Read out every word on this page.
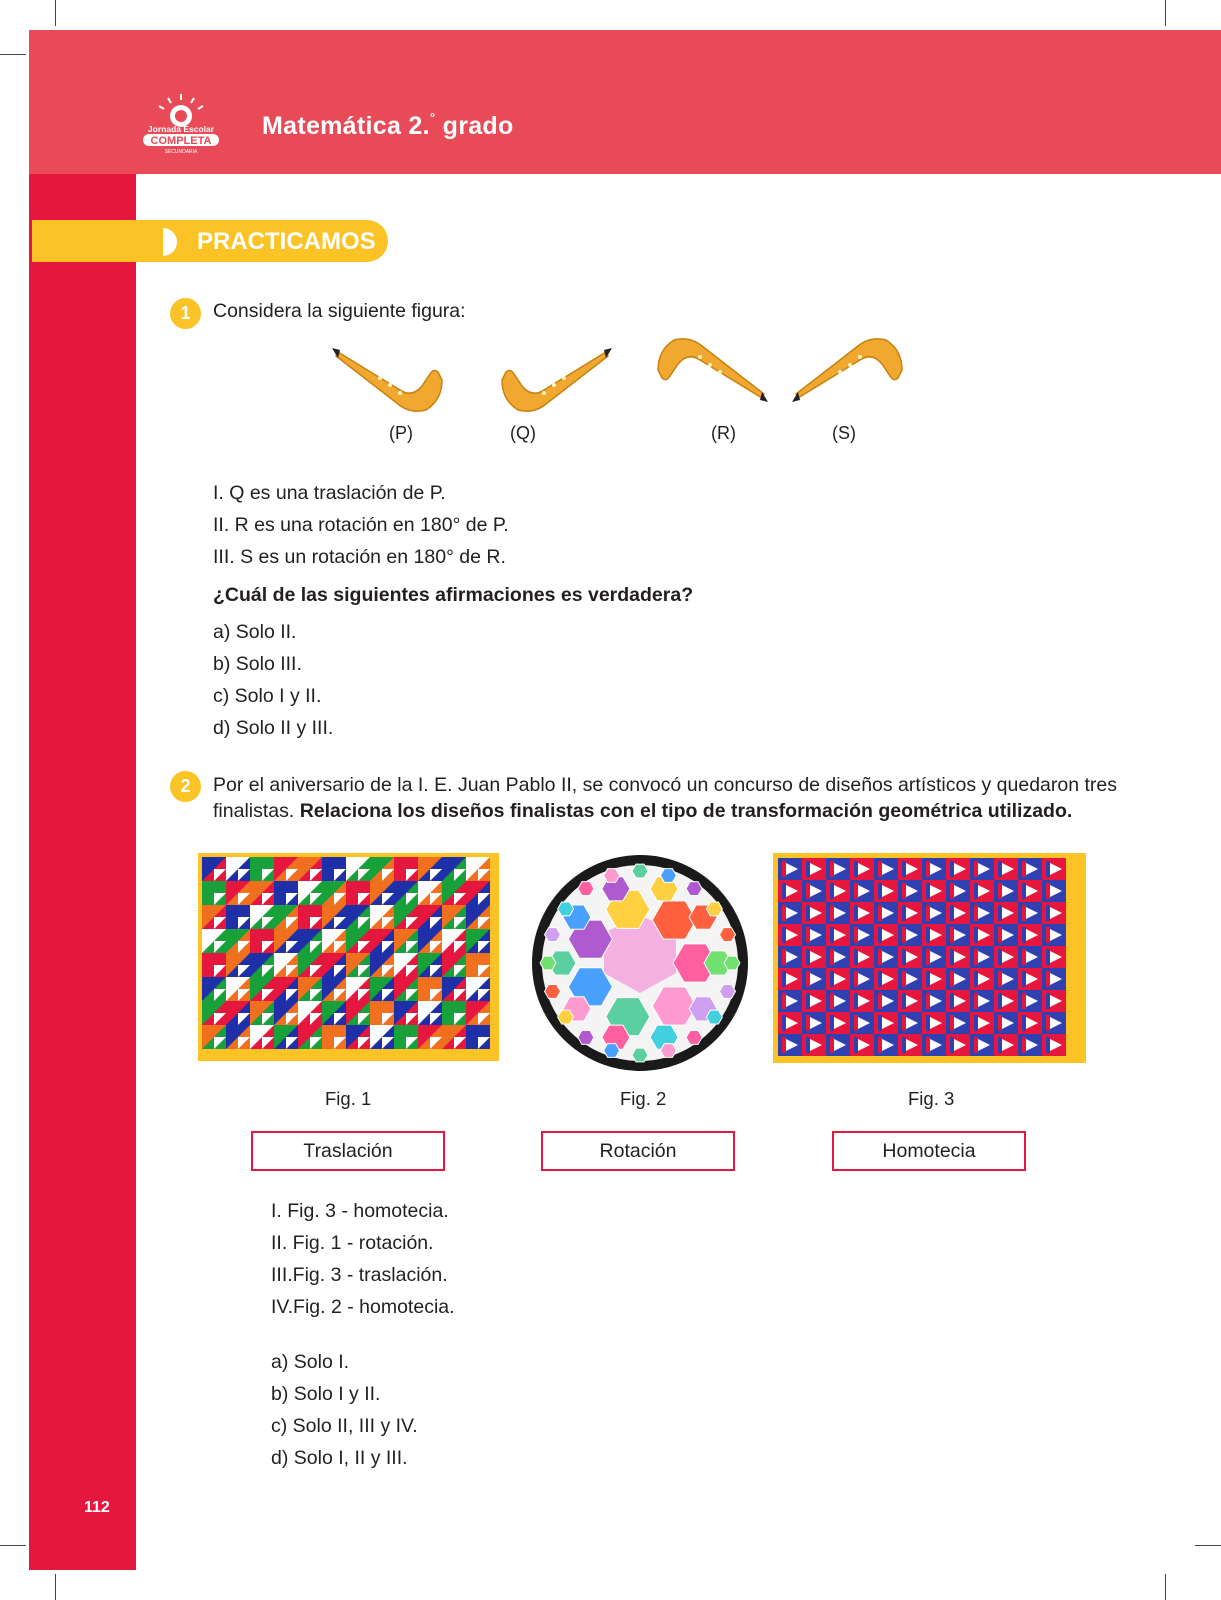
Jornada Escolar
COMPLETA
SECUNDARIA
Matemática 2.° grado
PRACTICAMOS
1	Considera la siguiente figura:
(P)	(Q)	(R)	(S)
I. Q es una traslación de P.
II. R es una rotación en 180° de P.
III. S es un rotación en 180° de R.
¿Cuál de las siguientes afirmaciones es verdadera?
a) Solo II.
b) Solo III.
c) Solo I y II.
d) Solo II y III.
2	Por el aniversario de la I. E. Juan Pablo II, se convocó un concurso de diseños artísticos y quedaron tres
finalistas. Relaciona los diseños finalistas con el tipo de transformación geométrica utilizado.
Fig. 1	Fig. 2	Fig. 3
Traslación	Rotación	Homotecia
I. Fig. 3 - homotecia.
II. Fig. 1 - rotación.
III.Fig. 3 - traslación.
IV.Fig. 2 - homotecia.
a) Solo I.
b) Solo I y II.
c) Solo II, III y IV.
d) Solo I, II y III.
112
